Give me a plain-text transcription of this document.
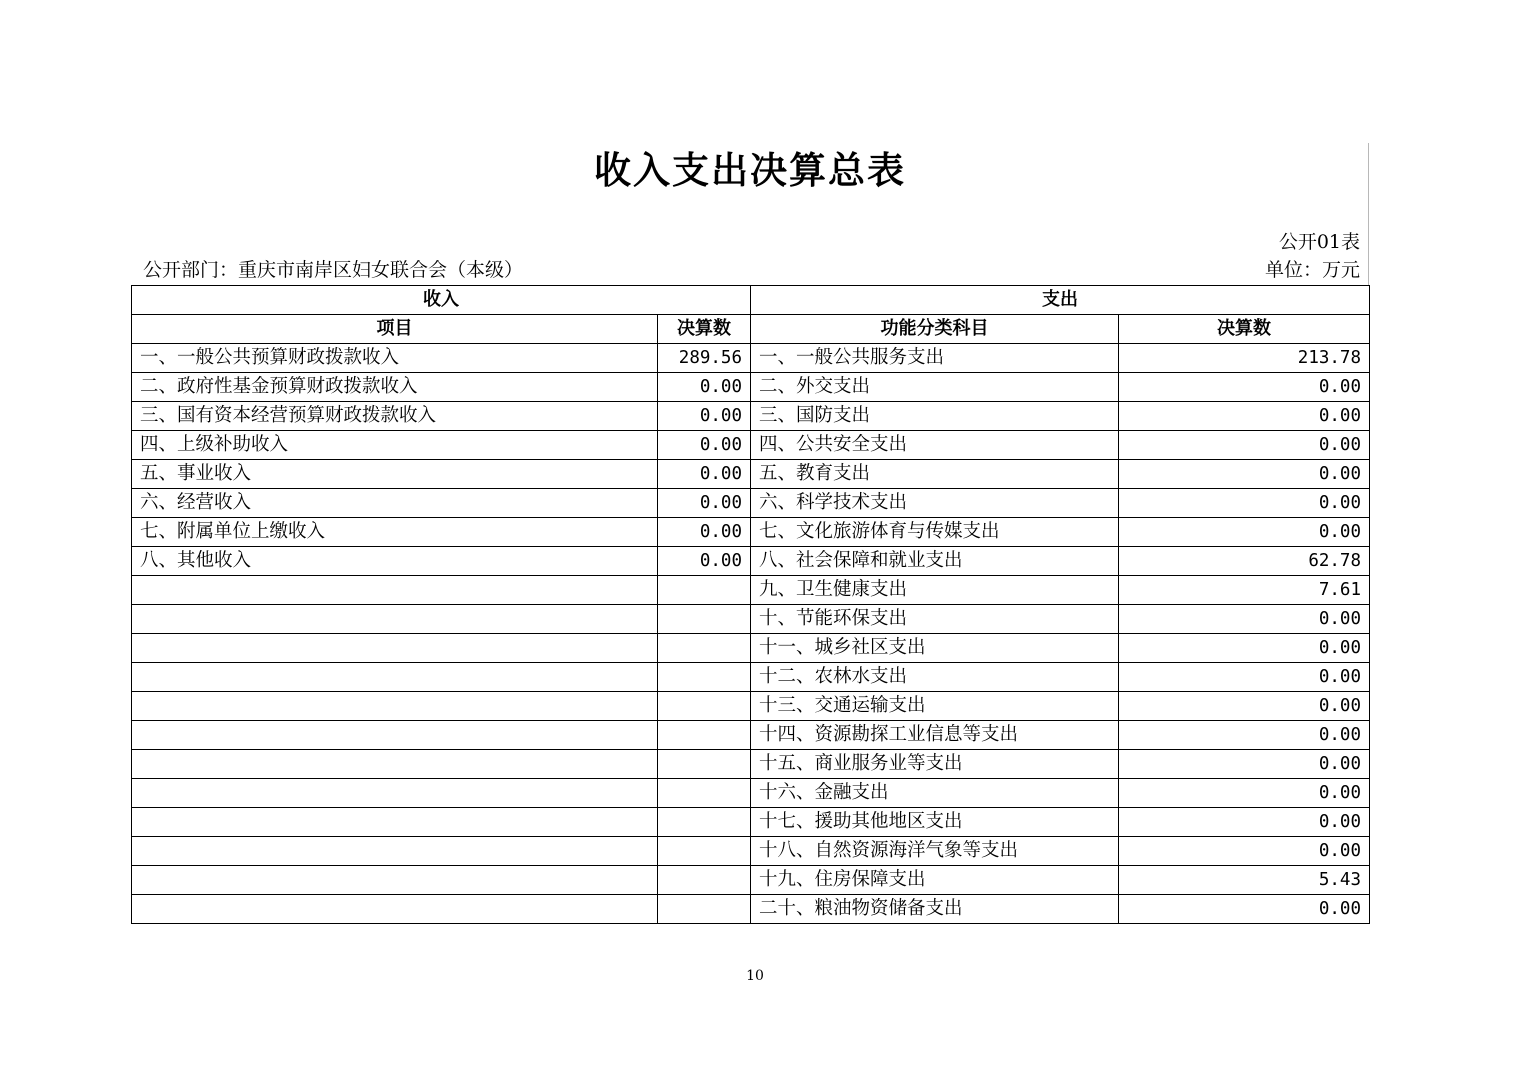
收入支出决算总表
公开01表
公开部门：重庆市南岸区妇女联合会（本级）	单位：万元
收入		支出	
项目	决算数	功能分类科目	决算数
一、一般公共预算财政拨款收入	289.56	一、一般公共服务支出	213.78
二、政府性基金预算财政拨款收入	0.00	二、外交支出	0.00
三、国有资本经营预算财政拨款收入	0.00	三、国防支出	0.00
四、上级补助收入	0.00	四、公共安全支出	0.00
五、事业收入	0.00	五、教育支出	0.00
六、经营收入	0.00	六、科学技术支出	0.00
七、附属单位上缴收入	0.00	七、文化旅游体育与传媒支出	0.00
八、其他收入	0.00	八、社会保障和就业支出	62.78
		九、卫生健康支出	7.61
		十、节能环保支出	0.00
		十一、城乡社区支出	0.00
		十二、农林水支出	0.00
		十三、交通运输支出	0.00
		十四、资源勘探工业信息等支出	0.00
		十五、商业服务业等支出	0.00
		十六、金融支出	0.00
		十七、援助其他地区支出	0.00
		十八、自然资源海洋气象等支出	0.00
		十九、住房保障支出	5.43
		二十、粮油物资储备支出	0.00
10
